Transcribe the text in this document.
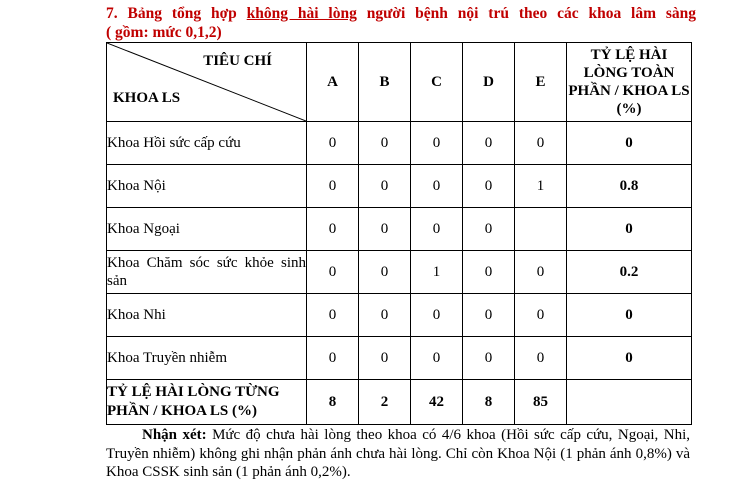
7. Bảng tổng hợp không hài lòng người bệnh nội trú theo các khoa lâm sàng
( gồm: mức 0,1,2)
TIÊU CHÍ
KHOA LS	A	B	C	D	E	TỶ LỆ HÀI LÒNG TOÀN PHẦN / KHOA LS (%)
Khoa Hồi sức cấp cứu	0	0	0	0	0	0
Khoa Nội	0	0	0	0	1	0.8
Khoa Ngoại	0	0	0	0		0
Khoa Chăm sóc sức khỏe sinh sản	0	0	1	0	0	0.2
Khoa Nhi	0	0	0	0	0	0
Khoa Truyền nhiễm	0	0	0	0	0	0
TỶ LỆ HÀI LÒNG TỪNG PHẦN / KHOA LS (%)	8	2	42	8	85	
Nhận xét: Mức độ chưa hài lòng theo khoa có 4/6 khoa (Hồi sức cấp cứu, Ngoại, Nhi, Truyền nhiễm) không ghi nhận phản ánh chưa hài lòng. Chỉ còn Khoa Nội (1 phản ánh 0,8%) và Khoa CSSK sinh sản (1 phản ánh 0,2%).
